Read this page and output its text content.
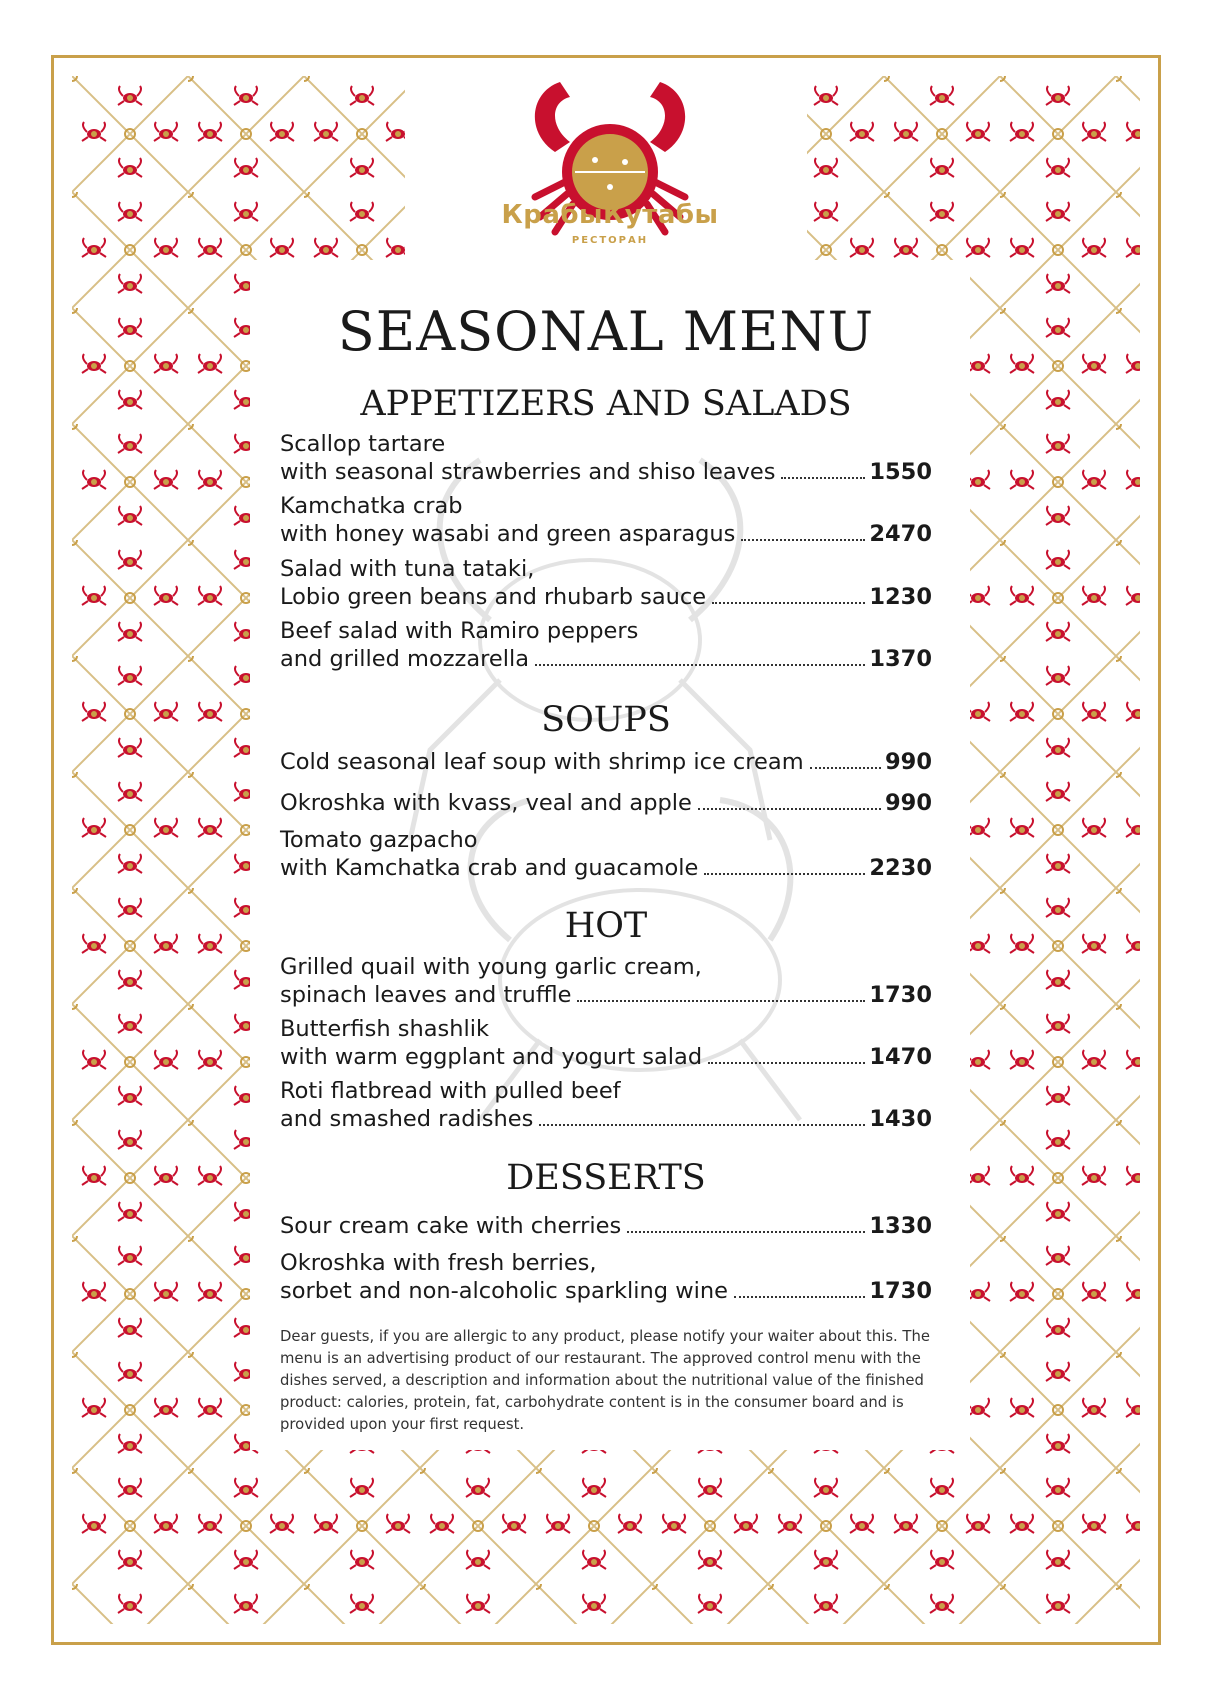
КрабыКутабы
РЕСТОРАН
SEASONAL MENU
APPETIZERS AND SALADS
Scallop tartare
with seasonal strawberries and shiso leaves	1550
Kamchatka crab
with honey wasabi and green asparagus	2470
Salad with tuna tataki,
Lobio green beans and rhubarb sauce	1230
Beef salad with Ramiro peppers
and grilled mozzarella	1370
SOUPS
Cold seasonal leaf soup with shrimp ice cream	990
Okroshka with kvass, veal and apple	990
Tomato gazpacho
with Kamchatka crab and guacamole	2230
HOT
Grilled quail with young garlic cream,
spinach leaves and truffle	1730
Butterfish shashlik
with warm eggplant and yogurt salad	1470
Roti flatbread with pulled beef
and smashed radishes	1430
DESSERTS
Sour cream cake with cherries	1330
Okroshka with fresh berries,
sorbet and non-alcoholic sparkling wine	1730
Dear guests, if you are allergic to any product, please notify your waiter about this. The menu is an advertising product of our restaurant. The approved control menu with the dishes served, a description and information about the nutritional value of the finished product: calories, protein, fat, carbohydrate content is in the consumer board and is provided upon your first request.
